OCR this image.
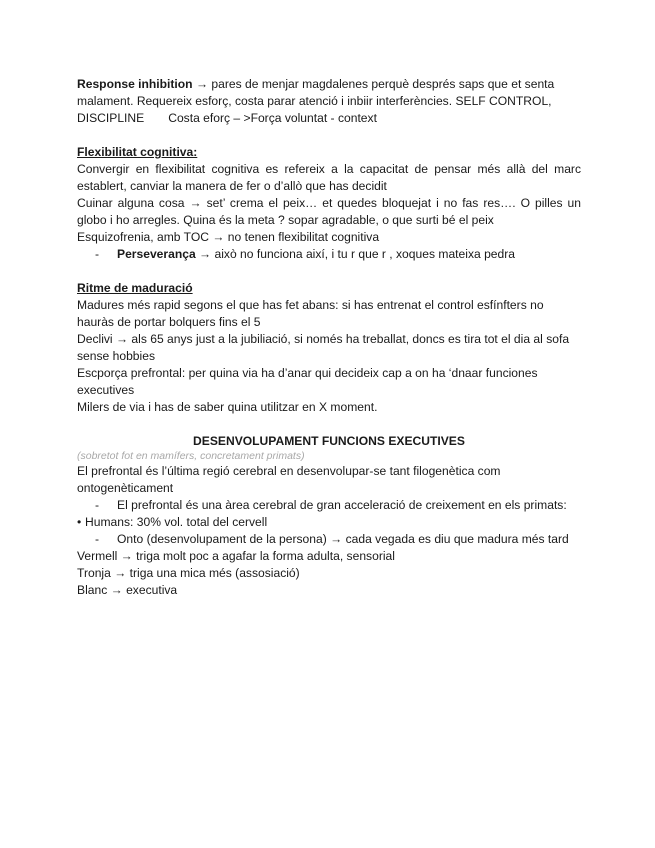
Response inhibition → pares de menjar magdalenes perquè després saps que et senta
malament. Requereix esforç, costa parar atenció i inbiir interferències. SELF CONTROL,
DISCIPLINE Costa eforç – >Força voluntat - context

Flexibilitat cognitiva:

Convergir en flexibilitat cognitiva es refereix a la capacitat de pensar més allà del marc establert, canviar la manera de fer o d’allò que has decidit

Cuinar alguna cosa → set’ crema el peix… et quedes bloquejat i no fas res…. O pilles un globo i ho arregles. Quina és la meta ? sopar agradable, o que surti bé el peix

Esquizofrenia, amb TOC → no tenen flexibilitat cognitiva

-	Perseverança → això no funciona així, i tu r que r , xoques mateixa pedra

Ritme de maduració

Madures més rapid segons el que has fet abans: si has entrenat el control esfínfters no hauràs de portar bolquers fins el 5

Declivi → als 65 anys just a la jubiliació, si només ha treballat, doncs es tira tot el dia al sofa sense hobbies

Escporça prefrontal: per quina via ha d’anar qui decideix cap a on ha ‘dnaar funciones executives

Milers de via i has de saber quina utilitzar en X moment.

DESENVOLUPAMENT FUNCIONS EXECUTIVES

(sobretot fot en mamífers, concretament primats)

El prefrontal és l’última regió cerebral en desenvolupar-se tant filogenètica com ontogenèticament

-	El prefrontal és una àrea cerebral de gran acceleració de creixement en els primats:
• Humans: 30% vol. total del cervell
-	Onto (desenvolupament de la persona) → cada vegada es diu que madura més tard

Vermell → triga molt poc a agafar la forma adulta, sensorial

Tronja → triga una mica més (assosiació)

Blanc → executiva
